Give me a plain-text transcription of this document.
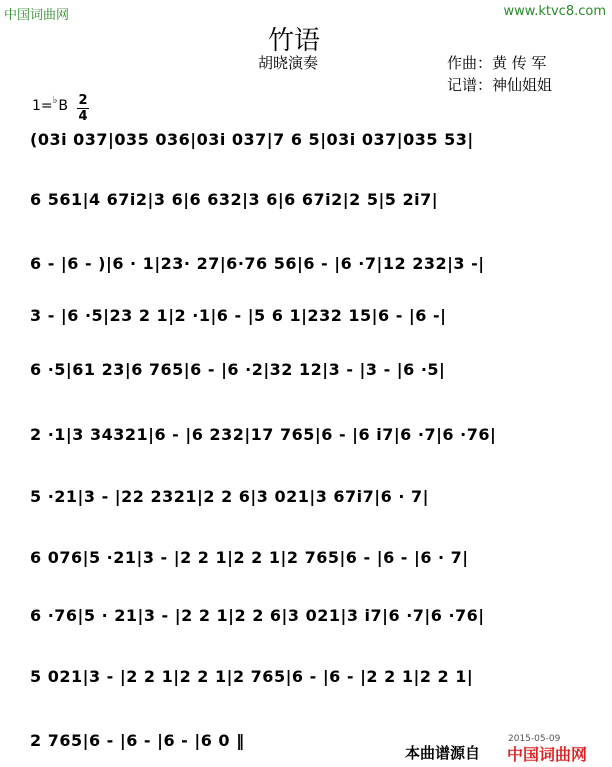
中国词曲网	www.ktvc8.com
竹语
胡晓演奏	作曲：黄 传 军
记谱：神仙姐姐
1=♭B 2
4
(03i 037|035 036|03i 037|7 6 5|03i 037|035 53|
6 561|4 67i2|3 6|6 632|3 6|6 67i2|2 5|5 2i7|
6 - |6 - )|6 · 1|23· 27|6·76 56|6 - |6 ·7|12 232|3 -|
3 - |6 ·5|23 2 1|2 ·1|6 - |5 6 1|232 15|6 - |6 -|
6 ·5|61 23|6 765|6 - |6 ·2|32 12|3 - |3 - |6 ·5|
2 ·1|3 34321|6 - |6 232|17 765|6 - |6 i7|6 ·7|6 ·76|
5 ·21|3 - |22 2321|2 2 6|3 021|3 67i7|6 · 7|
6 076|5 ·21|3 - |2 2 1|2 2 1|2 765|6 - |6 - |6 · 7|
6 ·76|5 · 21|3 - |2 2 1|2 2 6|3 021|3 i7|6 ·7|6 ·76|
5 021|3 - |2 2 1|2 2 1|2 765|6 - |6 - |2 2 1|2 2 1|
2 765|6 - |6 - |6 - |6 0 ‖	2015-05-09
本曲谱源自 中国词曲网
